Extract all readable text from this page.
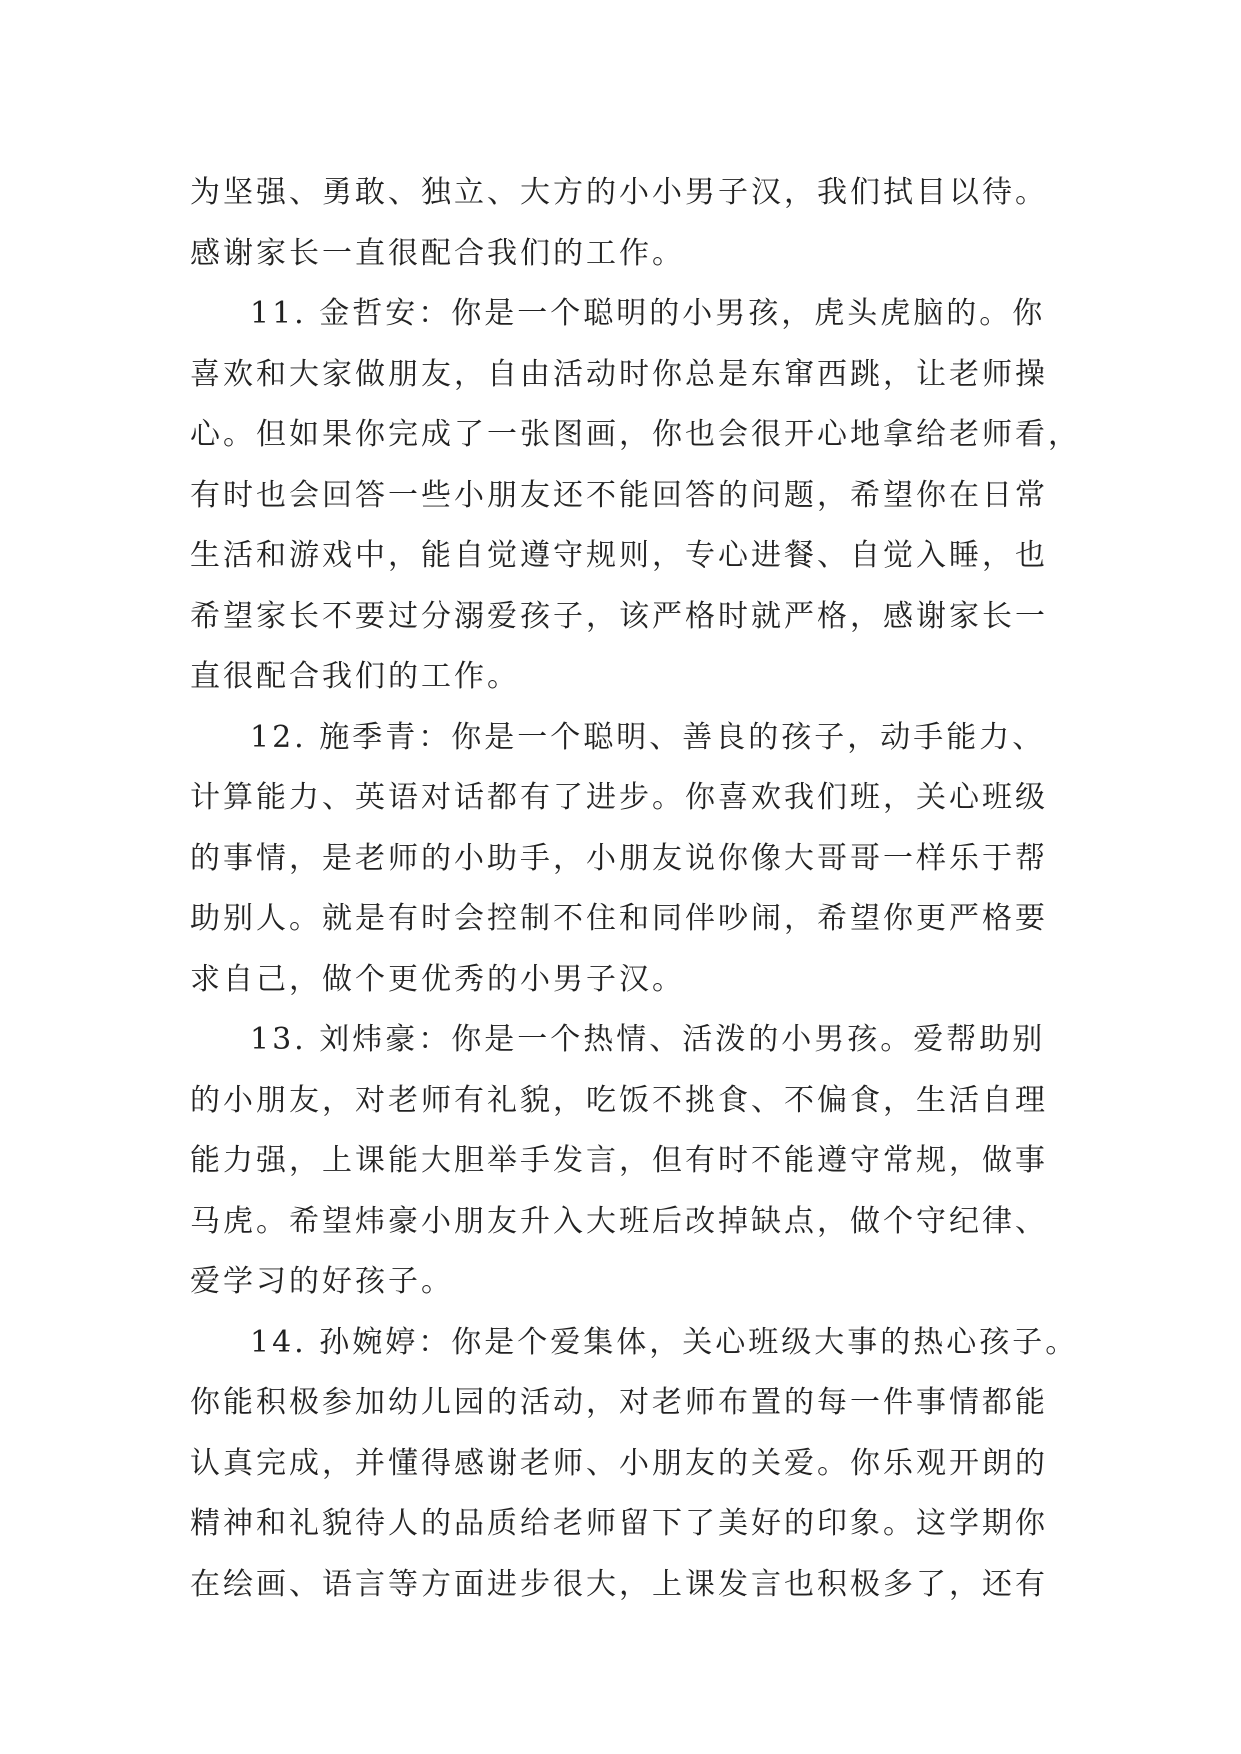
为坚强、勇敢、独立、大方的小小男子汉，我们拭目以待。
感谢家长一直很配合我们的工作。
11. 金哲安：你是一个聪明的小男孩，虎头虎脑的。你
喜欢和大家做朋友，自由活动时你总是东窜西跳，让老师操
心。但如果你完成了一张图画，你也会很开心地拿给老师看，
有时也会回答一些小朋友还不能回答的问题，希望你在日常
生活和游戏中，能自觉遵守规则，专心进餐、自觉入睡，也
希望家长不要过分溺爱孩子，该严格时就严格，感谢家长一
直很配合我们的工作。
12. 施季青：你是一个聪明、善良的孩子，动手能力、
计算能力、英语对话都有了进步。你喜欢我们班，关心班级
的事情，是老师的小助手，小朋友说你像大哥哥一样乐于帮
助别人。就是有时会控制不住和同伴吵闹，希望你更严格要
求自己，做个更优秀的小男子汉。
13. 刘炜豪：你是一个热情、活泼的小男孩。爱帮助别
的小朋友，对老师有礼貌，吃饭不挑食、不偏食，生活自理
能力强，上课能大胆举手发言，但有时不能遵守常规，做事
马虎。希望炜豪小朋友升入大班后改掉缺点，做个守纪律、
爱学习的好孩子。
14. 孙婉婷：你是个爱集体，关心班级大事的热心孩子。
你能积极参加幼儿园的活动，对老师布置的每一件事情都能
认真完成，并懂得感谢老师、小朋友的关爱。你乐观开朗的
精神和礼貌待人的品质给老师留下了美好的印象。这学期你
在绘画、语言等方面进步很大，上课发言也积极多了，还有
